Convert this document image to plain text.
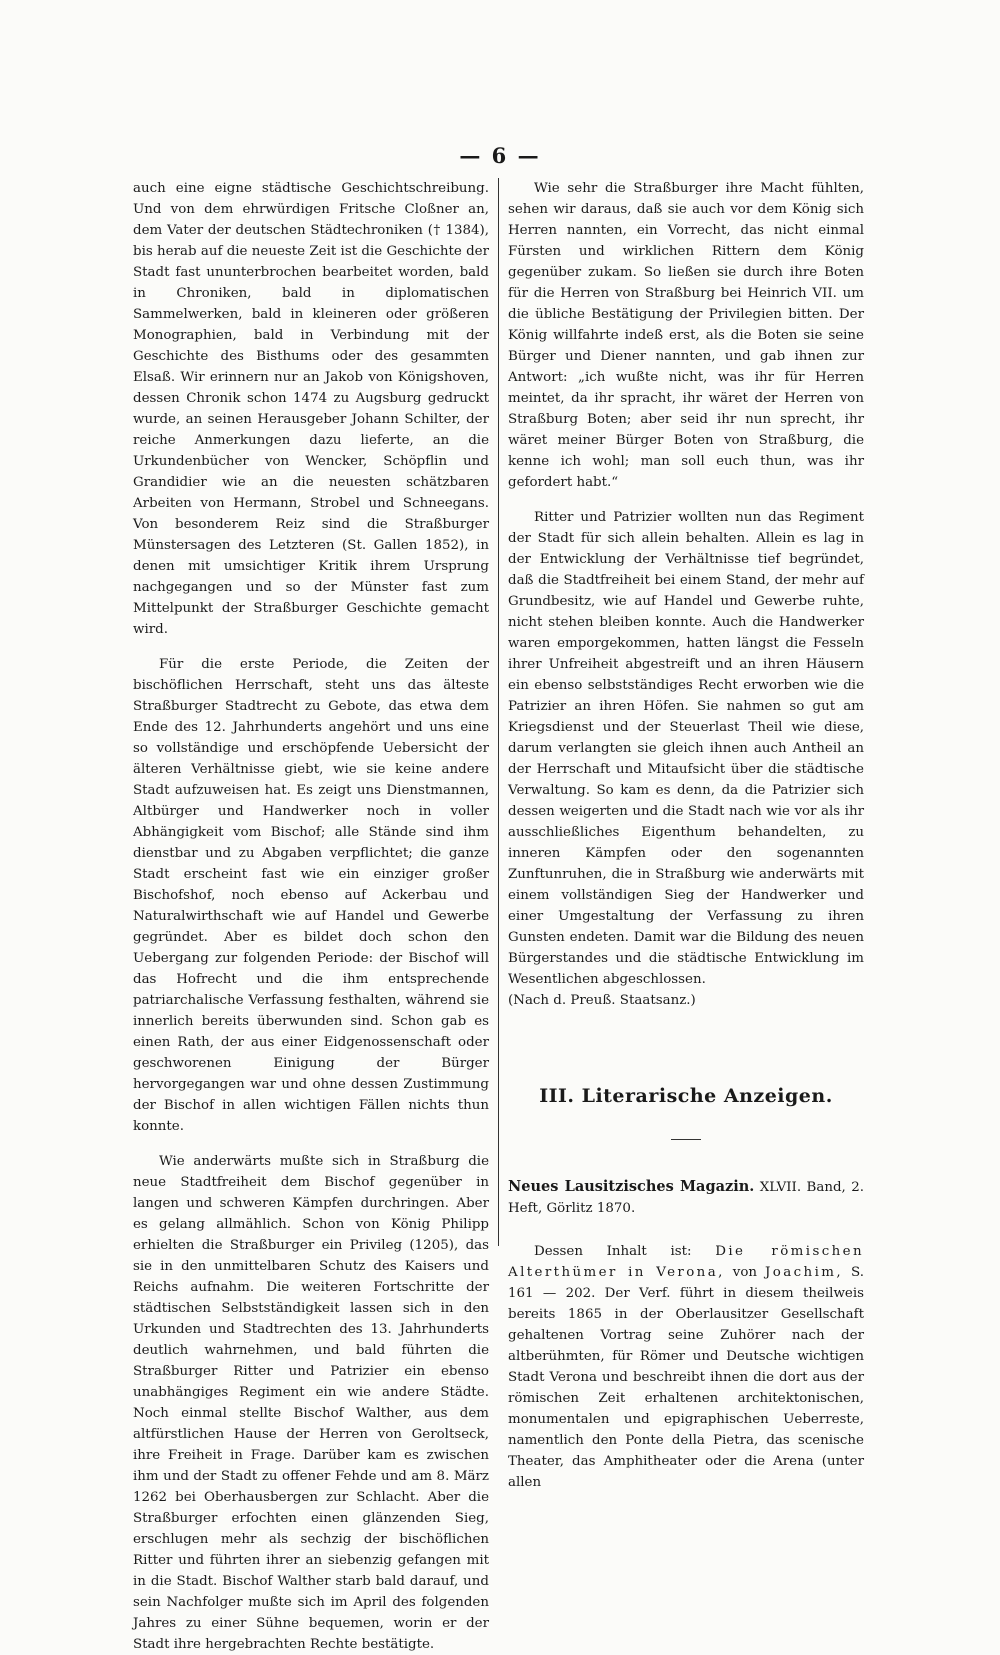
— 6 —

auch eine eigne städtische Geschichtschreibung. Und von dem ehrwürdigen Fritsche Cloßner an, dem Vater der deutschen Städtechroniken († 1384), bis herab auf die neueste Zeit ist die Geschichte der Stadt fast ununterbrochen bearbeitet worden, bald in Chroniken, bald in diplomatischen Sammelwerken, bald in kleineren oder größeren Monographien, bald in Verbindung mit der Geschichte des Bisthums oder des gesammten Elsaß. Wir erinnern nur an Jakob von Königshoven, dessen Chronik schon 1474 zu Augsburg gedruckt wurde, an seinen Herausgeber Johann Schilter, der reiche Anmerkungen dazu lieferte, an die Urkundenbücher von Wencker, Schöpflin und Grandidier wie an die neuesten schätzbaren Arbeiten von Hermann, Strobel und Schneegans. Von besonderem Reiz sind die Straßburger Münstersagen des Letzteren (St. Gallen 1852), in denen mit umsichtiger Kritik ihrem Ursprung nachgegangen und so der Münster fast zum Mittelpunkt der Straßburger Geschichte gemacht wird.

Für die erste Periode, die Zeiten der bischöflichen Herrschaft, steht uns das älteste Straßburger Stadtrecht zu Gebote, das etwa dem Ende des 12. Jahrhunderts angehört und uns eine so vollständige und erschöpfende Uebersicht der älteren Verhältnisse giebt, wie sie keine andere Stadt aufzuweisen hat. Es zeigt uns Dienstmannen, Altbürger und Handwerker noch in voller Abhängigkeit vom Bischof; alle Stände sind ihm dienstbar und zu Abgaben verpflichtet; die ganze Stadt erscheint fast wie ein einziger großer Bischofshof, noch ebenso auf Ackerbau und Naturalwirthschaft wie auf Handel und Gewerbe gegründet. Aber es bildet doch schon den Uebergang zur folgenden Periode: der Bischof will das Hofrecht und die ihm entsprechende patriarchalische Verfassung festhalten, während sie innerlich bereits überwunden sind. Schon gab es einen Rath, der aus einer Eidgenossenschaft oder geschworenen Einigung der Bürger hervorgegangen war und ohne dessen Zustimmung der Bischof in allen wichtigen Fällen nichts thun konnte.

Wie anderwärts mußte sich in Straßburg die neue Stadtfreiheit dem Bischof gegenüber in langen und schweren Kämpfen durchringen. Aber es gelang allmählich. Schon von König Philipp erhielten die Straßburger ein Privileg (1205), das sie in den unmittelbaren Schutz des Kaisers und Reichs aufnahm. Die weiteren Fortschritte der städtischen Selbstständigkeit lassen sich in den Urkunden und Stadtrechten des 13. Jahrhunderts deutlich wahrnehmen, und bald führten die Straßburger Ritter und Patrizier ein ebenso unabhängiges Regiment ein wie andere Städte. Noch einmal stellte Bischof Walther, aus dem altfürstlichen Hause der Herren von Geroltseck, ihre Freiheit in Frage. Darüber kam es zwischen ihm und der Stadt zu offener Fehde und am 8. März 1262 bei Oberhausbergen zur Schlacht. Aber die Straßburger erfochten einen glänzenden Sieg, erschlugen mehr als sechzig der bischöflichen Ritter und führten ihrer an siebenzig gefangen mit in die Stadt. Bischof Walther starb bald darauf, und sein Nachfolger mußte sich im April des folgenden Jahres zu einer Sühne bequemen, worin er der Stadt ihre hergebrachten Rechte bestätigte.

Wie sehr die Straßburger ihre Macht fühlten, sehen wir daraus, daß sie auch vor dem König sich Herren nannten, ein Vorrecht, das nicht einmal Fürsten und wirklichen Rittern dem König gegenüber zukam. So ließen sie durch ihre Boten für die Herren von Straßburg bei Heinrich VII. um die übliche Bestätigung der Privilegien bitten. Der König willfahrte indeß erst, als die Boten sie seine Bürger und Diener nannten, und gab ihnen zur Antwort: „ich wußte nicht, was ihr für Herren meintet, da ihr spracht, ihr wäret der Herren von Straßburg Boten; aber seid ihr nun sprecht, ihr wäret meiner Bürger Boten von Straßburg, die kenne ich wohl; man soll euch thun, was ihr gefordert habt.“

Ritter und Patrizier wollten nun das Regiment der Stadt für sich allein behalten. Allein es lag in der Entwicklung der Verhältnisse tief begründet, daß die Stadtfreiheit bei einem Stand, der mehr auf Grundbesitz, wie auf Handel und Gewerbe ruhte, nicht stehen bleiben konnte. Auch die Handwerker waren emporgekommen, hatten längst die Fesseln ihrer Unfreiheit abgestreift und an ihren Häusern ein ebenso selbstständiges Recht erworben wie die Patrizier an ihren Höfen. Sie nahmen so gut am Kriegsdienst und der Steuerlast Theil wie diese, darum verlangten sie gleich ihnen auch Antheil an der Herrschaft und Mitaufsicht über die städtische Verwaltung. So kam es denn, da die Patrizier sich dessen weigerten und die Stadt nach wie vor als ihr ausschließliches Eigenthum behandelten, zu inneren Kämpfen oder den sogenannten Zunftunruhen, die in Straßburg wie anderwärts mit einem vollständigen Sieg der Handwerker und einer Umgestaltung der Verfassung zu ihren Gunsten endeten. Damit war die Bildung des neuen Bürgerstandes und die städtische Entwicklung im Wesentlichen abgeschlossen.

(Nach d. Preuß. Staatsanz.)

III. Literarische Anzeigen.

Neues Lausitzisches Magazin. XLVII. Band, 2. Heft, Görlitz 1870.

Dessen Inhalt ist: Die römischen Alterthümer in Verona, von Joachim, S. 161 — 202. Der Verf. führt in diesem theilweis bereits 1865 in der Oberlausitzer Gesellschaft gehaltenen Vortrag seine Zuhörer nach der altberühmten, für Römer und Deutsche wichtigen Stadt Verona und beschreibt ihnen die dort aus der römischen Zeit erhaltenen architektonischen, monumentalen und epigraphischen Ueberreste, namentlich den Ponte della Pietra, das scenische Theater, das Amphitheater oder die Arena (unter allen
